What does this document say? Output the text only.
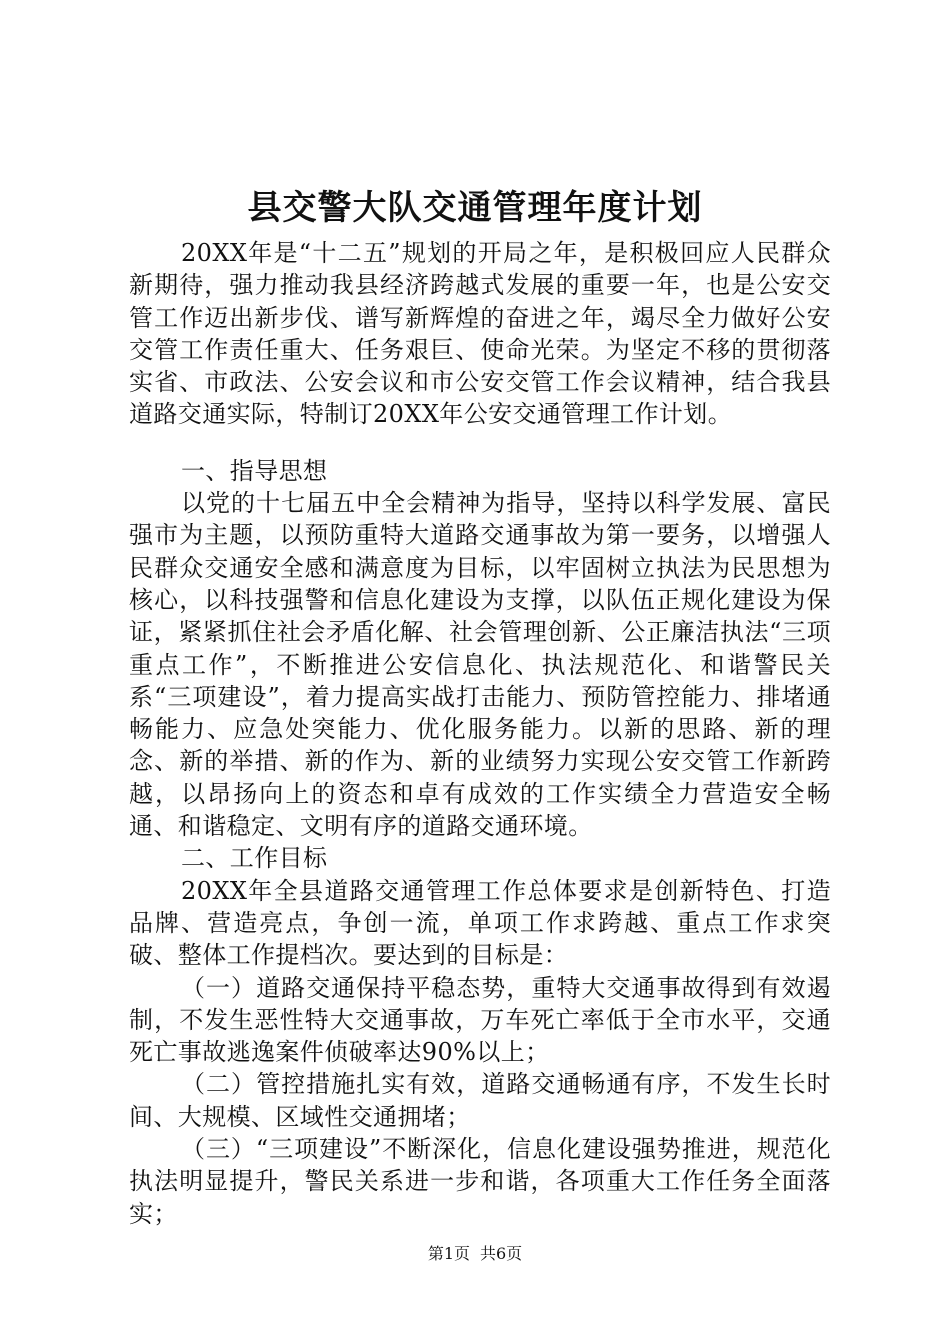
县交警大队交通管理年度计划

20XX年是“十二五”规划的开局之年，是积极回应人民群众新期待，强力推动我县经济跨越式发展的重要一年，也是公安交管工作迈出新步伐、谱写新辉煌的奋进之年，竭尽全力做好公安交管工作责任重大、任务艰巨、使命光荣。为坚定不移的贯彻落实省、市政法、公安会议和市公安交管工作会议精神，结合我县道路交通实际，特制订20XX年公安交通管理工作计划。

一、指导思想

以党的十七届五中全会精神为指导，坚持以科学发展、富民强市为主题，以预防重特大道路交通事故为第一要务，以增强人民群众交通安全感和满意度为目标，以牢固树立执法为民思想为核心，以科技强警和信息化建设为支撑，以队伍正规化建设为保证，紧紧抓住社会矛盾化解、社会管理创新、公正廉洁执法“三项重点工作”，不断推进公安信息化、执法规范化、和谐警民关系“三项建设”，着力提高实战打击能力、预防管控能力、排堵通畅能力、应急处突能力、优化服务能力。以新的思路、新的理念、新的举措、新的作为、新的业绩努力实现公安交管工作新跨越，以昂扬向上的资态和卓有成效的工作实绩全力营造安全畅通、和谐稳定、文明有序的道路交通环境。

二、工作目标

20XX年全县道路交通管理工作总体要求是创新特色、打造品牌、营造亮点，争创一流，单项工作求跨越、重点工作求突破、整体工作提档次。要达到的目标是：

（一）道路交通保持平稳态势，重特大交通事故得到有效遏制，不发生恶性特大交通事故，万车死亡率低于全市水平，交通死亡事故逃逸案件侦破率达90%以上；

（二）管控措施扎实有效，道路交通畅通有序，不发生长时间、大规模、区域性交通拥堵；

（三）“三项建设”不断深化，信息化建设强势推进，规范化执法明显提升，警民关系进一步和谐，各项重大工作任务全面落实；

第1页 共6页
